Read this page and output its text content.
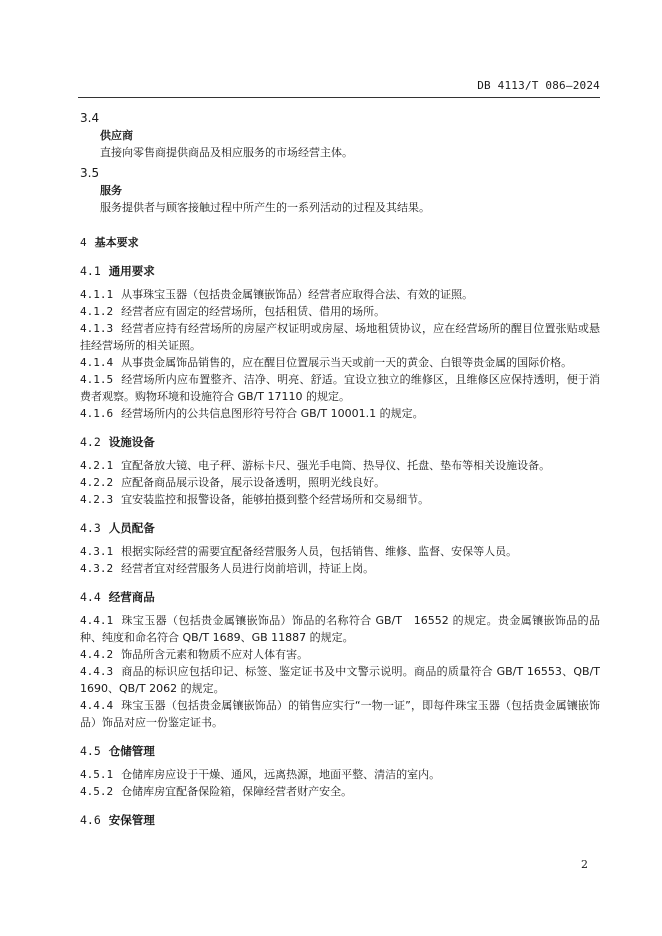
DB 4113/T 086—2024
3.4
供应商
直接向零售商提供商品及相应服务的市场经营主体。
3.5
服务
服务提供者与顾客接触过程中所产生的一系列活动的过程及其结果。
4 基本要求
4.1 通用要求
4.1.1 从事珠宝玉器（包括贵金属镶嵌饰品）经营者应取得合法、有效的证照。
4.1.2 经营者应有固定的经营场所，包括租赁、借用的场所。
4.1.3 经营者应持有经营场所的房屋产权证明或房屋、场地租赁协议，应在经营场所的醒目位置张贴或悬挂经营场所的相关证照。
4.1.4 从事贵金属饰品销售的，应在醒目位置展示当天或前一天的黄金、白银等贵金属的国际价格。
4.1.5 经营场所内应布置整齐、洁净、明亮、舒适。宜设立独立的维修区，且维修区应保持透明，便于消费者观察。购物环境和设施符合 GB/T 17110 的规定。
4.1.6 经营场所内的公共信息图形符号符合 GB/T 10001.1 的规定。
4.2 设施设备
4.2.1 宜配备放大镜、电子秤、游标卡尺、强光手电筒、热导仪、托盘、垫布等相关设施设备。
4.2.2 应配备商品展示设备，展示设备透明，照明光线良好。
4.2.3 宜安装监控和报警设备，能够拍摄到整个经营场所和交易细节。
4.3 人员配备
4.3.1 根据实际经营的需要宜配备经营服务人员，包括销售、维修、监督、安保等人员。
4.3.2 经营者宜对经营服务人员进行岗前培训，持证上岗。
4.4 经营商品
4.4.1 珠宝玉器（包括贵金属镶嵌饰品）饰品的名称符合 GB/T　16552 的规定。贵金属镶嵌饰品的品种、纯度和命名符合 QB/T 1689、GB 11887 的规定。
4.4.2 饰品所含元素和物质不应对人体有害。
4.4.3 商品的标识应包括印记、标签、鉴定证书及中文警示说明。商品的质量符合 GB/T 16553、QB/T 1690、QB/T 2062 的规定。
4.4.4 珠宝玉器（包括贵金属镶嵌饰品）的销售应实行“一物一证”，即每件珠宝玉器（包括贵金属镶嵌饰品）饰品对应一份鉴定证书。
4.5 仓储管理
4.5.1 仓储库房应设于干燥、通风，远离热源，地面平整、清洁的室内。
4.5.2 仓储库房宜配备保险箱，保障经营者财产安全。
4.6 安保管理
2
